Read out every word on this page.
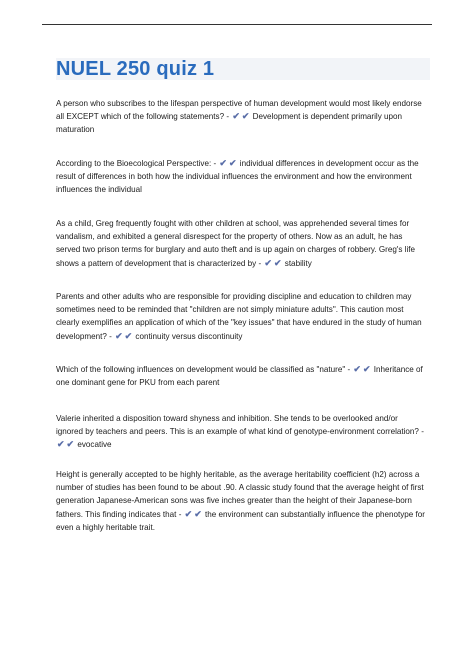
NUEL 250 quiz 1

A person who subscribes to the lifespan perspective of human development would most likely endorse all EXCEPT which of the following statements? - ✔ ✔ Development is dependent primarily upon maturation

According to the Bioecological Perspective: - ✔ ✔ individual differences in development occur as the result of differences in both how the individual influences the environment and how the environment influences the individual

As a child, Greg frequently fought with other children at school, was apprehended several times for vandalism, and exhibited a general disrespect for the property of others. Now as an adult, he has served two prison terms for burglary and auto theft and is up again on charges of robbery. Greg's life shows a pattern of development that is characterized by - ✔ ✔ stability

Parents and other adults who are responsible for providing discipline and education to children may sometimes need to be reminded that "children are not simply miniature adults". This caution most clearly exemplifies an application of which of the "key issues" that have endured in the study of human development? - ✔ ✔ continuity versus discontinuity

Which of the following influences on development would be classified as "nature" - ✔ ✔ Inheritance of one dominant gene for PKU from each parent

Valerie inherited a disposition toward shyness and inhibition. She tends to be overlooked and/or ignored by teachers and peers. This is an example of what kind of genotype-environment correlation? - ✔ ✔ evocative

Height is generally accepted to be highly heritable, as the average heritability coefficient (h2) across a number of studies has been found to be about .90. A classic study found that the average height of first generation Japanese-American sons was five inches greater than the height of their Japanese-born fathers. This finding indicates that - ✔ ✔ the environment can substantially influence the phenotype for even a highly heritable trait.
